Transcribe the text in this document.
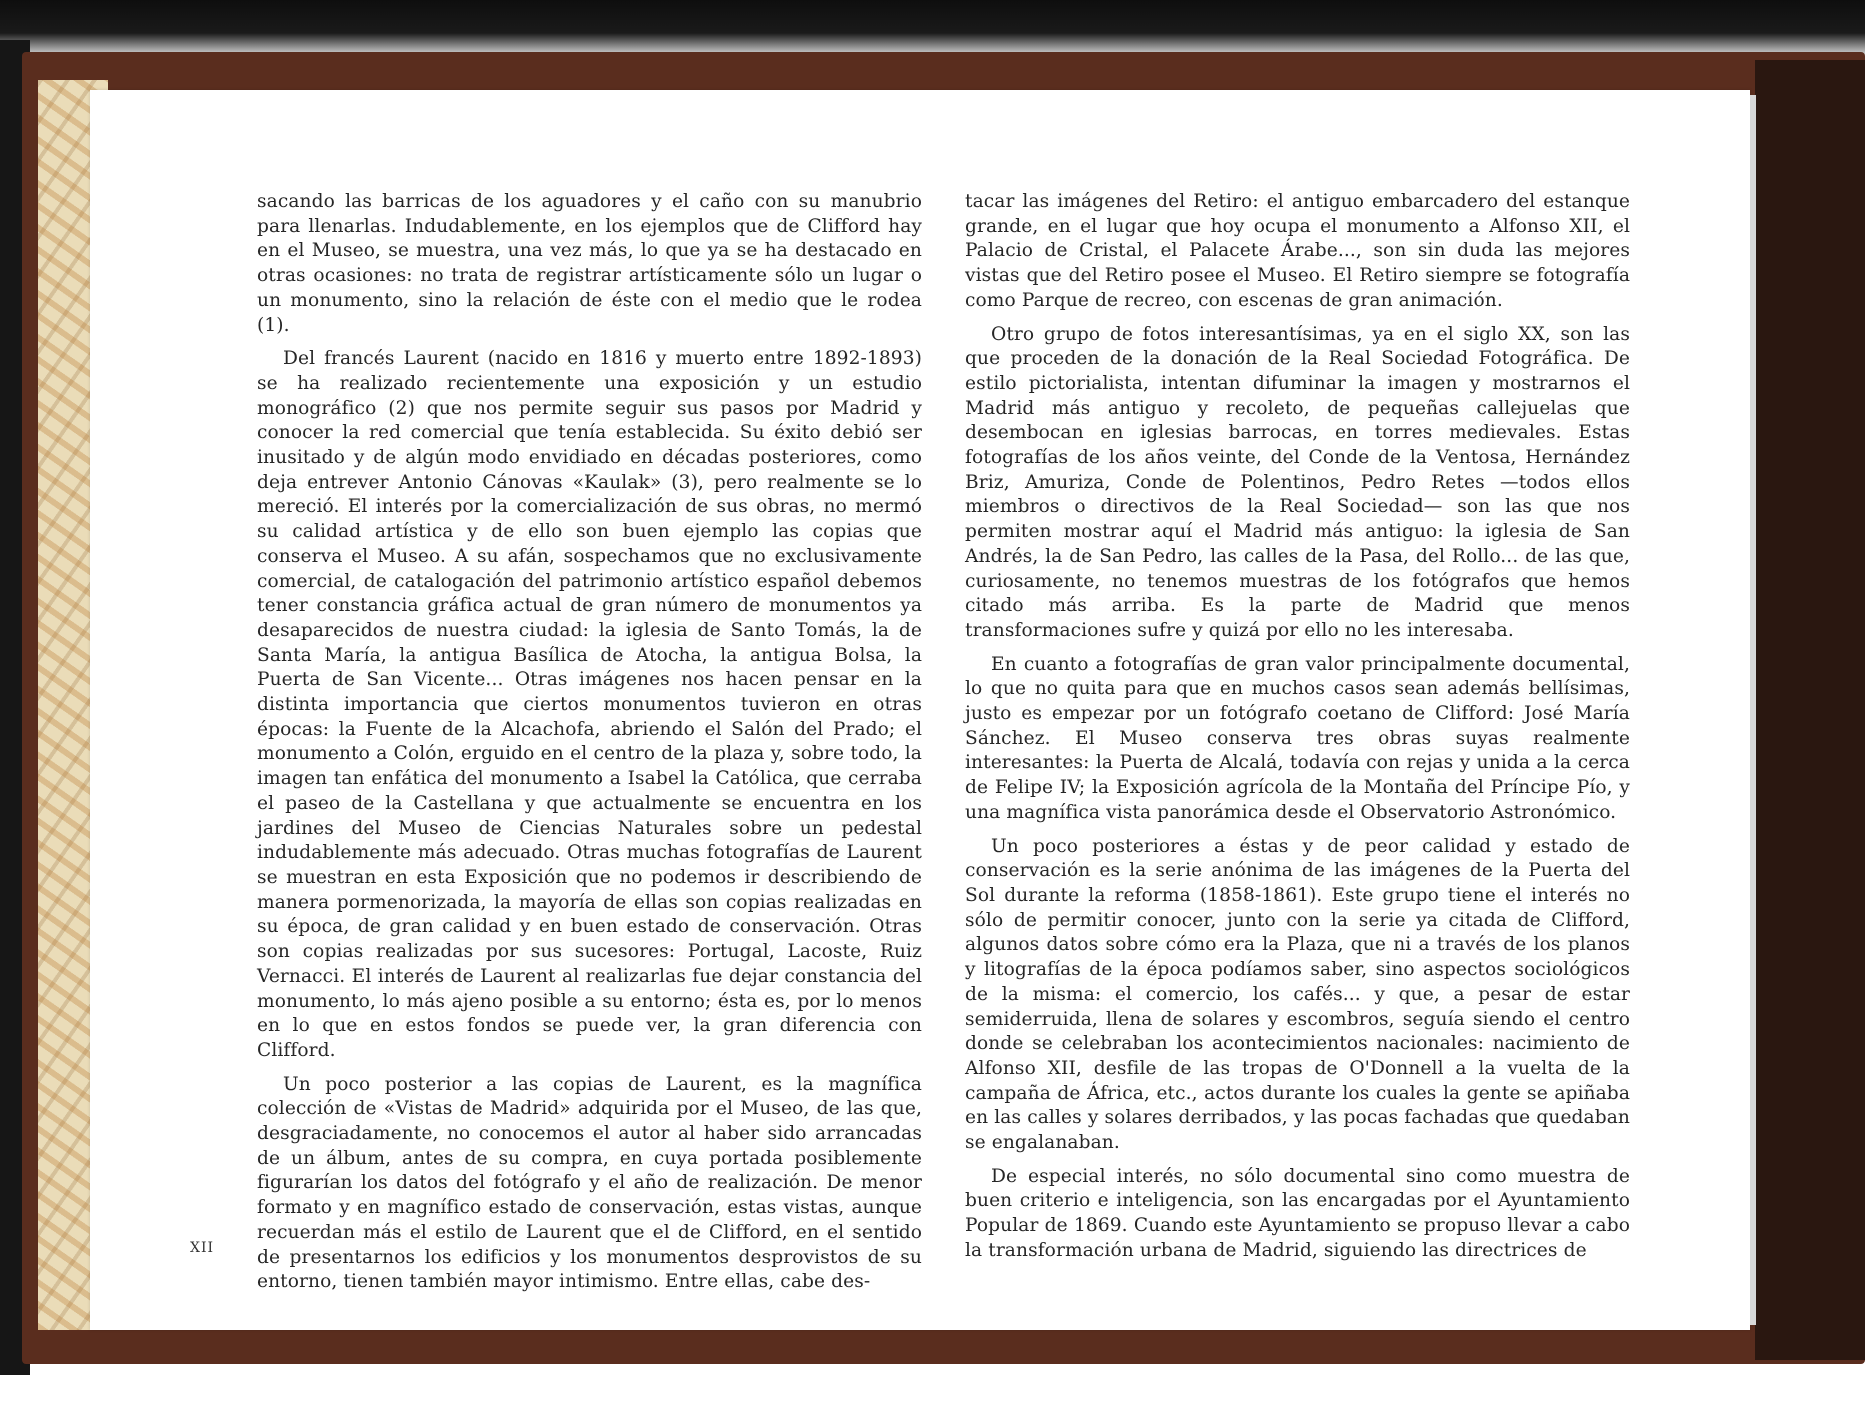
sacando las barricas de los aguadores y el caño con su manubrio para llenarlas. Indudablemente, en los ejemplos que de Clifford hay en el Museo, se muestra, una vez más, lo que ya se ha destacado en otras ocasiones: no trata de registrar artísticamente sólo un lugar o un monumento, sino la relación de éste con el medio que le rodea (1).

Del francés Laurent (nacido en 1816 y muerto entre 1892-1893) se ha realizado recientemente una exposición y un estudio monográfico (2) que nos permite seguir sus pasos por Madrid y conocer la red comercial que tenía establecida. Su éxito debió ser inusitado y de algún modo envidiado en décadas posteriores, como deja entrever Antonio Cánovas «Kaulak» (3), pero realmente se lo mereció. El interés por la comercialización de sus obras, no mermó su calidad artística y de ello son buen ejemplo las copias que conserva el Museo. A su afán, sospechamos que no exclusivamente comercial, de catalogación del patrimonio artístico español debemos tener constancia gráfica actual de gran número de monumentos ya desaparecidos de nuestra ciudad: la iglesia de Santo Tomás, la de Santa María, la antigua Basílica de Atocha, la antigua Bolsa, la Puerta de San Vicente... Otras imágenes nos hacen pensar en la distinta importancia que ciertos monumentos tuvieron en otras épocas: la Fuente de la Alcachofa, abriendo el Salón del Prado; el monumento a Colón, erguido en el centro de la plaza y, sobre todo, la imagen tan enfática del monumento a Isabel la Católica, que cerraba el paseo de la Castellana y que actualmente se encuentra en los jardines del Museo de Ciencias Naturales sobre un pedestal indudablemente más adecuado. Otras muchas fotografías de Laurent se muestran en esta Exposición que no podemos ir describiendo de manera pormenorizada, la mayoría de ellas son copias realizadas en su época, de gran calidad y en buen estado de conservación. Otras son copias realizadas por sus sucesores: Portugal, Lacoste, Ruiz Vernacci. El interés de Laurent al realizarlas fue dejar constancia del monumento, lo más ajeno posible a su entorno; ésta es, por lo menos en lo que en estos fondos se puede ver, la gran diferencia con Clifford.

Un poco posterior a las copias de Laurent, es la magnífica colección de «Vistas de Madrid» adquirida por el Museo, de las que, desgraciadamente, no conocemos el autor al haber sido arrancadas de un álbum, antes de su compra, en cuya portada posiblemente figurarían los datos del fotógrafo y el año de realización. De menor formato y en magnífico estado de conservación, estas vistas, aunque recuerdan más el estilo de Laurent que el de Clifford, en el sentido de presentarnos los edificios y los monumentos desprovistos de su entorno, tienen también mayor intimismo. Entre ellas, cabe des-

tacar las imágenes del Retiro: el antiguo embarcadero del estanque grande, en el lugar que hoy ocupa el monumento a Alfonso XII, el Palacio de Cristal, el Palacete Árabe..., son sin duda las mejores vistas que del Retiro posee el Museo. El Retiro siempre se fotografía como Parque de recreo, con escenas de gran animación.

Otro grupo de fotos interesantísimas, ya en el siglo XX, son las que proceden de la donación de la Real Sociedad Fotográfica. De estilo pictorialista, intentan difuminar la imagen y mostrarnos el Madrid más antiguo y recoleto, de pequeñas callejuelas que desembocan en iglesias barrocas, en torres medievales. Estas fotografías de los años veinte, del Conde de la Ventosa, Hernández Briz, Amuriza, Conde de Polentinos, Pedro Retes —todos ellos miembros o directivos de la Real Sociedad— son las que nos permiten mostrar aquí el Madrid más antiguo: la iglesia de San Andrés, la de San Pedro, las calles de la Pasa, del Rollo... de las que, curiosamente, no tenemos muestras de los fotógrafos que hemos citado más arriba. Es la parte de Madrid que menos transformaciones sufre y quizá por ello no les interesaba.

En cuanto a fotografías de gran valor principalmente documental, lo que no quita para que en muchos casos sean además bellísimas, justo es empezar por un fotógrafo coetano de Clifford: José María Sánchez. El Museo conserva tres obras suyas realmente interesantes: la Puerta de Alcalá, todavía con rejas y unida a la cerca de Felipe IV; la Exposición agrícola de la Montaña del Príncipe Pío, y una magnífica vista panorámica desde el Observatorio Astronómico.

Un poco posteriores a éstas y de peor calidad y estado de conservación es la serie anónima de las imágenes de la Puerta del Sol durante la reforma (1858-1861). Este grupo tiene el interés no sólo de permitir conocer, junto con la serie ya citada de Clifford, algunos datos sobre cómo era la Plaza, que ni a través de los planos y litografías de la época podíamos saber, sino aspectos sociológicos de la misma: el comercio, los cafés... y que, a pesar de estar semiderruida, llena de solares y escombros, seguía siendo el centro donde se celebraban los acontecimientos nacionales: nacimiento de Alfonso XII, desfile de las tropas de O'Donnell a la vuelta de la campaña de África, etc., actos durante los cuales la gente se apiñaba en las calles y solares derribados, y las pocas fachadas que quedaban se engalanaban.

De especial interés, no sólo documental sino como muestra de buen criterio e inteligencia, son las encargadas por el Ayuntamiento Popular de 1869. Cuando este Ayuntamiento se propuso llevar a cabo la transformación urbana de Madrid, siguiendo las directrices de

XII
